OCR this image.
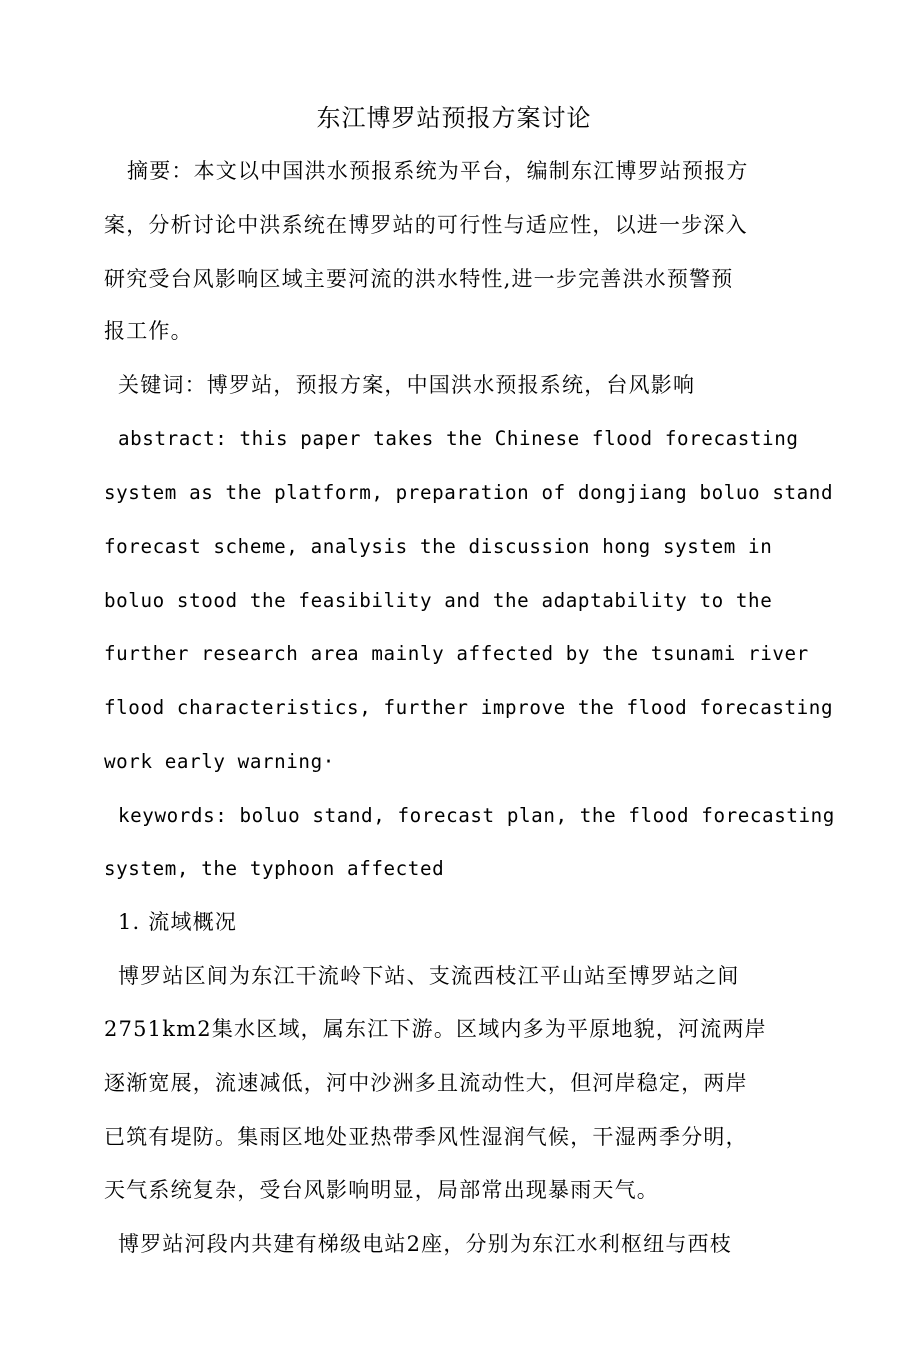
东江博罗站预报方案讨论
摘要：本文以中国洪水预报系统为平台，编制东江博罗站预报方
案，分析讨论中洪系统在博罗站的可行性与适应性，以进一步深入
研究受台风影响区域主要河流的洪水特性,进一步完善洪水预警预
报工作。
关键词：博罗站，预报方案，中国洪水预报系统，台风影响
abstract: this paper takes the Chinese flood forecasting
system as the platform, preparation of dongjiang boluo stand
forecast scheme, analysis the discussion hong system in
boluo stood the feasibility and the adaptability to the
further research area mainly affected by the tsunami river
flood characteristics, further improve the flood forecasting
work early warning·
keywords: boluo stand, forecast plan, the flood forecasting
system, the typhoon affected
1. 流域概况
博罗站区间为东江干流岭下站、支流西枝江平山站至博罗站之间
2751km2集水区域，属东江下游。区域内多为平原地貌，河流两岸
逐渐宽展，流速减低，河中沙洲多且流动性大，但河岸稳定，两岸
已筑有堤防。集雨区地处亚热带季风性湿润气候，干湿两季分明，
天气系统复杂，受台风影响明显，局部常出现暴雨天气。
博罗站河段内共建有梯级电站2座，分别为东江水利枢纽与西枝
